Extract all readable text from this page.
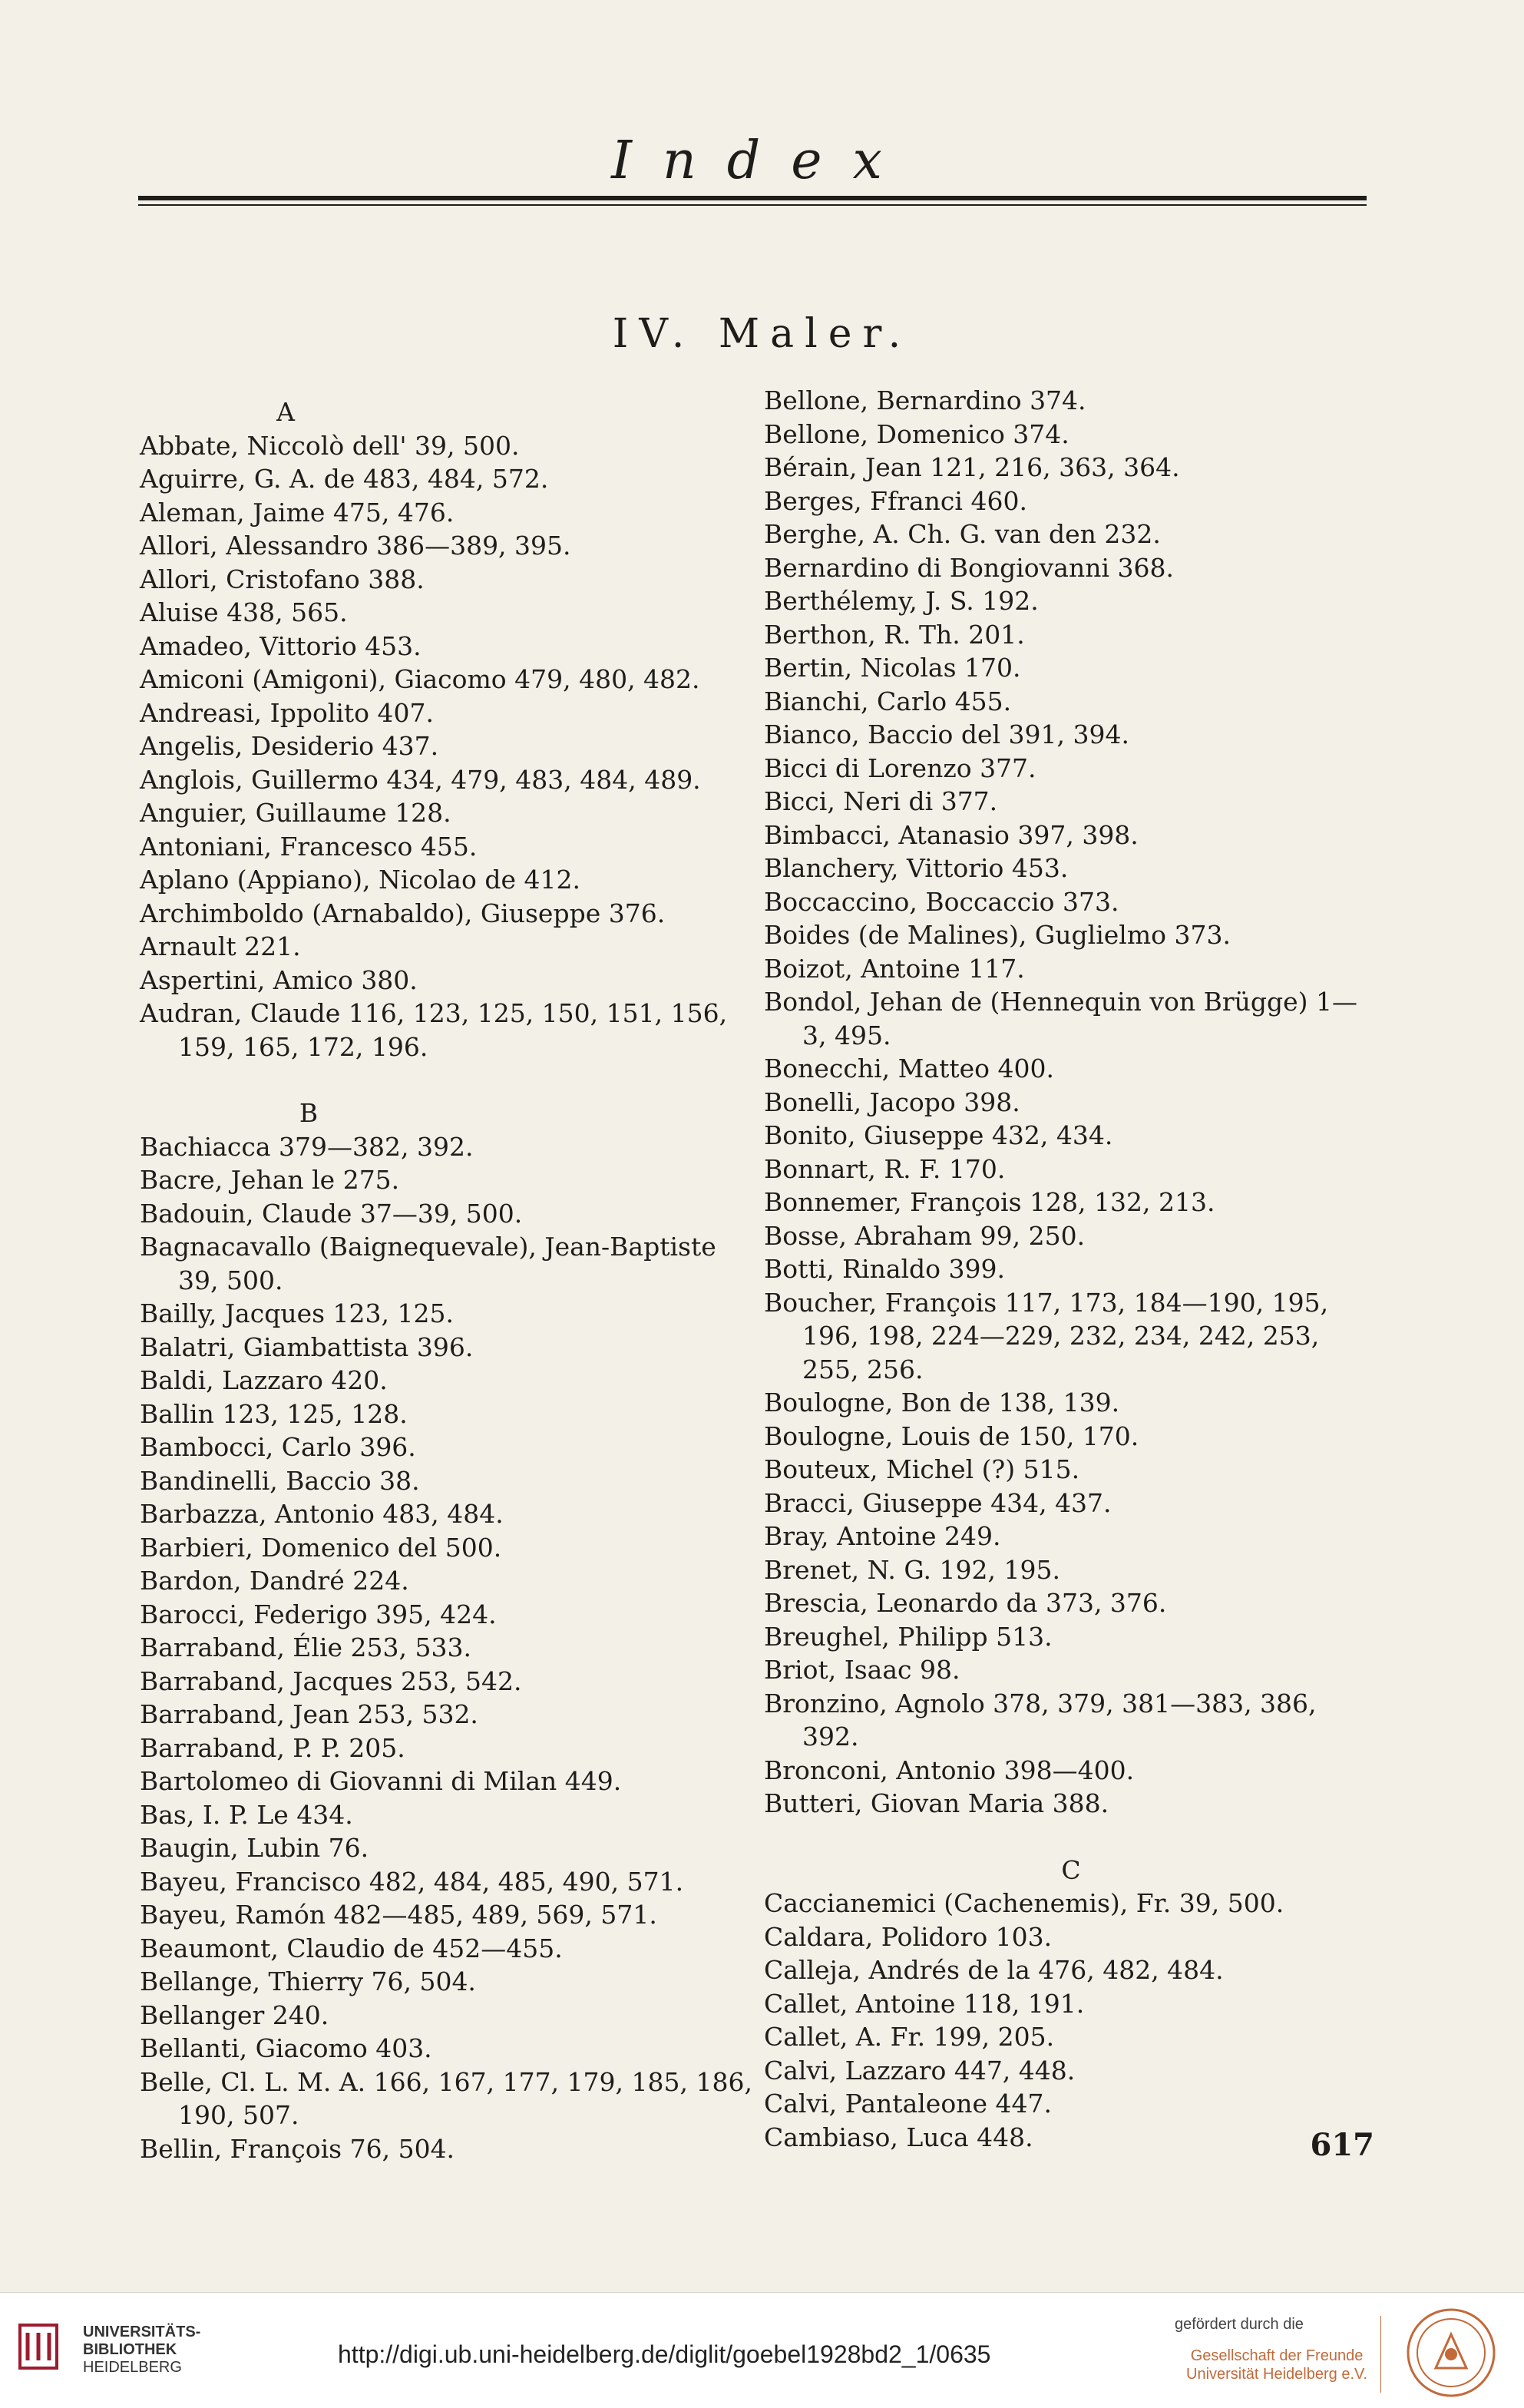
Index
IV. Maler.

A

Abbate, Niccolò dell' 39, 500.

Aguirre, G. A. de 483, 484, 572.

Aleman, Jaime 475, 476.

Allori, Alessandro 386—389, 395.

Allori, Cristofano 388.

Aluise 438, 565.

Amadeo, Vittorio 453.

Amiconi (Amigoni), Giacomo 479, 480, 482.

Andreasi, Ippolito 407.

Angelis, Desiderio 437.

Anglois, Guillermo 434, 479, 483, 484, 489.

Anguier, Guillaume 128.

Antoniani, Francesco 455.

Aplano (Appiano), Nicolao de 412.

Archimboldo (Arnabaldo), Giuseppe 376.

Arnault 221.

Aspertini, Amico 380.

Audran, Claude 116, 123, 125, 150, 151, 156, 159, 165, 172, 196.

B

Bachiacca 379—382, 392.

Bacre, Jehan le 275.

Badouin, Claude 37—39, 500.

Bagnacavallo (Baignequevale), Jean-Baptiste 39, 500.

Bailly, Jacques 123, 125.

Balatri, Giambattista 396.

Baldi, Lazzaro 420.

Ballin 123, 125, 128.

Bambocci, Carlo 396.

Bandinelli, Baccio 38.

Barbazza, Antonio 483, 484.

Barbieri, Domenico del 500.

Bardon, Dandré 224.

Barocci, Federigo 395, 424.

Barraband, Élie 253, 533.

Barraband, Jacques 253, 542.

Barraband, Jean 253, 532.

Barraband, P. P. 205.

Bartolomeo di Giovanni di Milan 449.

Bas, I. P. Le 434.

Baugin, Lubin 76.

Bayeu, Francisco 482, 484, 485, 490, 571.

Bayeu, Ramón 482—485, 489, 569, 571.

Beaumont, Claudio de 452—455.

Bellange, Thierry 76, 504.

Bellanger 240.

Bellanti, Giacomo 403.

Belle, Cl. L. M. A. 166, 167, 177, 179, 185, 186, 190, 507.

Bellin, François 76, 504.

Bellone, Bernardino 374.

Bellone, Domenico 374.

Bérain, Jean 121, 216, 363, 364.

Berges, Ffranci 460.

Berghe, A. Ch. G. van den 232.

Bernardino di Bongiovanni 368.

Berthélemy, J. S. 192.

Berthon, R. Th. 201.

Bertin, Nicolas 170.

Bianchi, Carlo 455.

Bianco, Baccio del 391, 394.

Bicci di Lorenzo 377.

Bicci, Neri di 377.

Bimbacci, Atanasio 397, 398.

Blanchery, Vittorio 453.

Boccaccino, Boccaccio 373.

Boides (de Malines), Guglielmo 373.

Boizot, Antoine 117.

Bondol, Jehan de (Hennequin von Brügge) 1—3, 495.

Bonecchi, Matteo 400.

Bonelli, Jacopo 398.

Bonito, Giuseppe 432, 434.

Bonnart, R. F. 170.

Bonnemer, François 128, 132, 213.

Bosse, Abraham 99, 250.

Botti, Rinaldo 399.

Boucher, François 117, 173, 184—190, 195, 196, 198, 224—229, 232, 234, 242, 253, 255, 256.

Boulogne, Bon de 138, 139.

Boulogne, Louis de 150, 170.

Bouteux, Michel (?) 515.

Bracci, Giuseppe 434, 437.

Bray, Antoine 249.

Brenet, N. G. 192, 195.

Brescia, Leonardo da 373, 376.

Breughel, Philipp 513.

Briot, Isaac 98.

Bronzino, Agnolo 378, 379, 381—383, 386, 392.

Bronconi, Antonio 398—400.

Butteri, Giovan Maria 388.

C

Caccianemici (Cachenemis), Fr. 39, 500.

Caldara, Polidoro 103.

Calleja, Andrés de la 476, 482, 484.

Callet, Antoine 118, 191.

Callet, A. Fr. 199, 205.

Calvi, Lazzaro 447, 448.

Calvi, Pantaleone 447.

Cambiaso, Luca 448.	617
UNIVERSITÄTS-
BIBLIOTHEK
HEIDELBERG	http://digi.ub.uni-heidelberg.de/diglit/goebel1928bd2_1/0635
gefördert durch die
Gesellschaft der Freunde
Universität Heidelberg e.V.
